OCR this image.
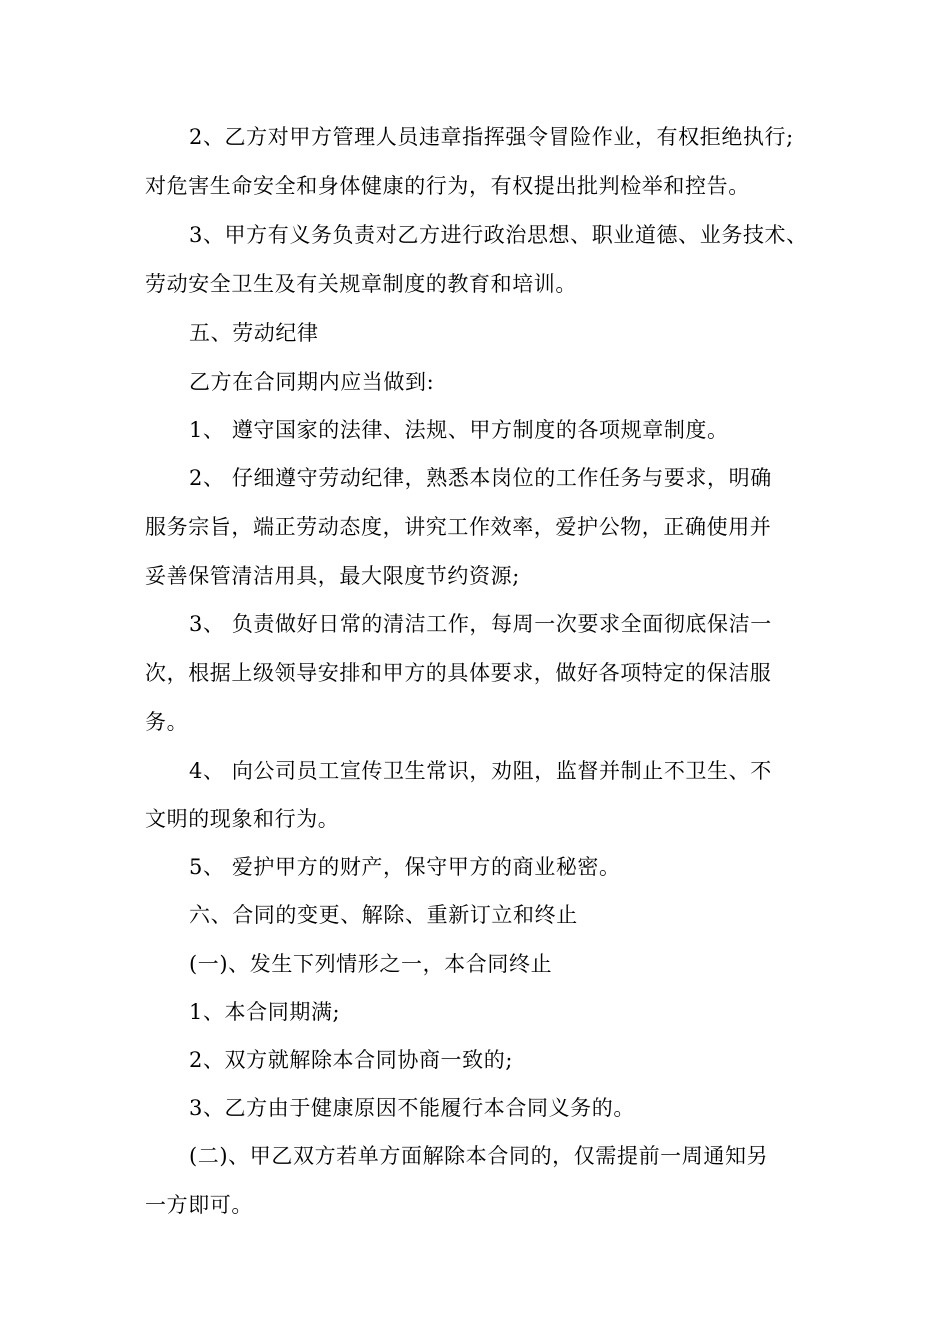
2、乙方对甲方管理人员违章指挥强令冒险作业，有权拒绝执行;
对危害生命安全和身体健康的行为，有权提出批判检举和控告。
3、甲方有义务负责对乙方进行政治思想、职业道德、业务技术、
劳动安全卫生及有关规章制度的教育和培训。
五、劳动纪律
乙方在合同期内应当做到:
1、 遵守国家的法律、法规、甲方制度的各项规章制度。
2、 仔细遵守劳动纪律，熟悉本岗位的工作任务与要求，明确
服务宗旨，端正劳动态度，讲究工作效率，爱护公物，正确使用并
妥善保管清洁用具，最大限度节约资源;
3、 负责做好日常的清洁工作，每周一次要求全面彻底保洁一
次，根据上级领导安排和甲方的具体要求，做好各项特定的保洁服
务。
4、 向公司员工宣传卫生常识，劝阻，监督并制止不卫生、不
文明的现象和行为。
5、 爱护甲方的财产，保守甲方的商业秘密。
六、合同的变更、解除、重新订立和终止
(一)、发生下列情形之一，本合同终止
1、本合同期满;
2、双方就解除本合同协商一致的;
3、乙方由于健康原因不能履行本合同义务的。
(二)、甲乙双方若单方面解除本合同的，仅需提前一周通知另
一方即可。
